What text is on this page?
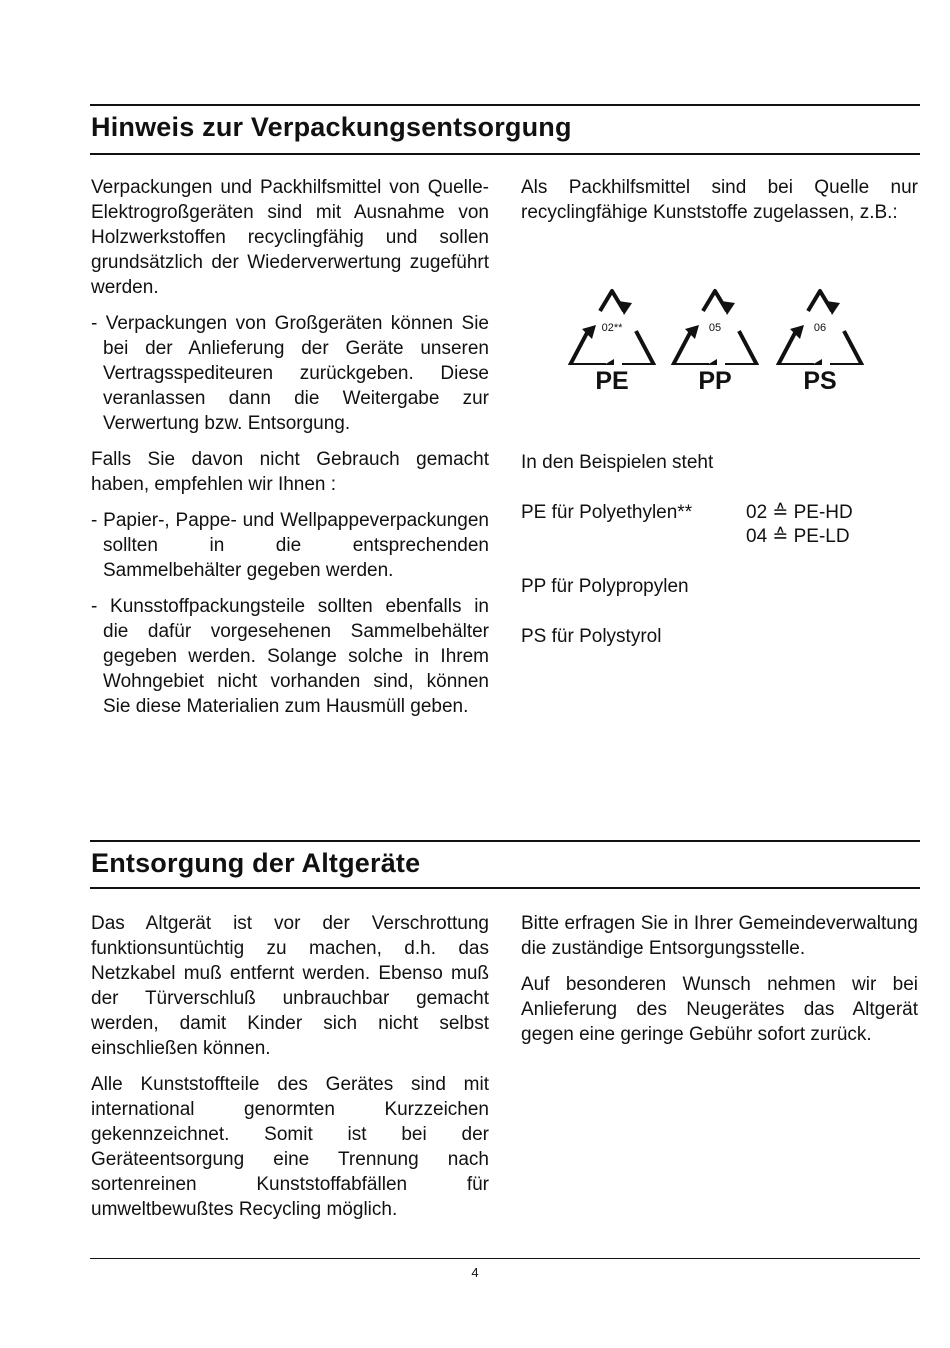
Hinweis zur Verpackungsentsorgung

Verpackungen und Packhilfsmittel von Quelle-Elektrogroßgeräten sind mit Ausnahme von Holzwerkstoffen recyclingfähig und sollen grundsätzlich der Wiederverwertung zugeführt werden.

- Verpackungen von Großgeräten können Sie bei der Anlieferung der Geräte unseren Vertragsspediteuren zurückgeben. Diese veranlassen dann die Weitergabe zur Verwertung bzw. Entsorgung.

Falls Sie davon nicht Gebrauch gemacht haben, empfehlen wir Ihnen :

- Papier-, Pappe- und Wellpappeverpackungen sollten in die entsprechenden Sammelbehälter gegeben werden.

- Kunsstoffpackungsteile sollten ebenfalls in die dafür vorgesehenen Sammelbehälter gegeben werden. Solange solche in Ihrem Wohngebiet nicht vorhanden sind, können Sie diese Materialien zum Hausmüll geben.

Als Packhilfsmittel sind bei Quelle nur recyclingfähige Kunststoffe zugelassen, z.B.:
02**
PE
05
PP
06
PS
In den Beispielen steht
PE für Polyethylen**	02 ≙ PE-HD
04 ≙ PE-LD
PP für Polypropylen
PS für Polystyrol
Entsorgung der Altgeräte

Das Altgerät ist vor der Verschrottung funktionsuntüchtig zu machen, d.h. das Netzkabel muß entfernt werden. Ebenso muß der Türverschluß unbrauchbar gemacht werden, damit Kinder sich nicht selbst einschließen können.

Alle Kunststoffteile des Gerätes sind mit international genormten Kurzzeichen gekennzeichnet. Somit ist bei der Geräteentsorgung eine Trennung nach sortenreinen Kunststoffabfällen für umweltbewußtes Recycling möglich.

Bitte erfragen Sie in Ihrer Gemeindeverwaltung die zuständige Entsorgungsstelle.

Auf besonderen Wunsch nehmen wir bei Anlieferung des Neugerätes das Altgerät gegen eine geringe Gebühr sofort zurück.

4
